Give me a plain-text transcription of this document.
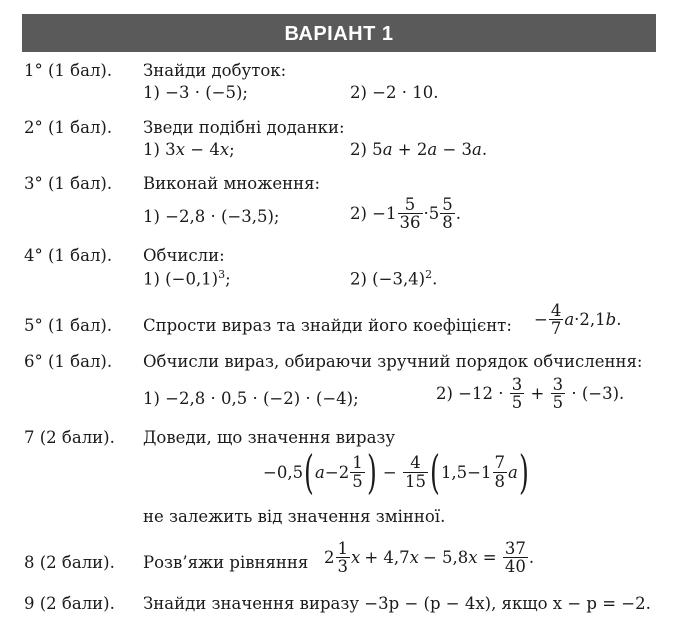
ВАРІАНТ 1
1° (1 бал). Знайди добуток:
1) −3 · (−5);	2) −2 · 10.
2° (1 бал). Зведи подібні доданки:
1) 3x − 4x;	2) 5a + 2a − 3a.
3° (1 бал). Виконай множення:
1) −2,8 · (−3,5);	$2) -1 \frac{5}{36} \cdot 5 \frac{5}{8}$ .
4° (1 бал). Обчисли:
1) $(-0,1)^3$;	2) $(-3,4)^2$.
5° (1 бал). Спрости вираз та знайди його коефіцієнт: − $\frac{4}{7}$ a ·2,1 b .
6° (1 бал). Обчисли вираз, обираючи зручний порядок обчислення:
1) −2,8 · 0,5 · (−2) · (−4);	$2) -12 \cdot \frac{3}{5} + \frac{3}{5} \cdot (-3)$.
7 (2 бали). Доведи, що значення виразу
−0,5 ( $a -2 \frac{1}{5}$ ) − $\frac{4}{15}$ ( $1,5-1 \frac{7}{8}$ a )
не залежить від значення змінної.
8 (2 бали). Розв’яжи рівняння $2 \frac{1}{3}$ x + 4,7 x − 5,8 $x = \frac{37}{40}$ .
9 (2 бали). Знайди значення виразу −3p − (p − 4x), якщо x − p = −2.
